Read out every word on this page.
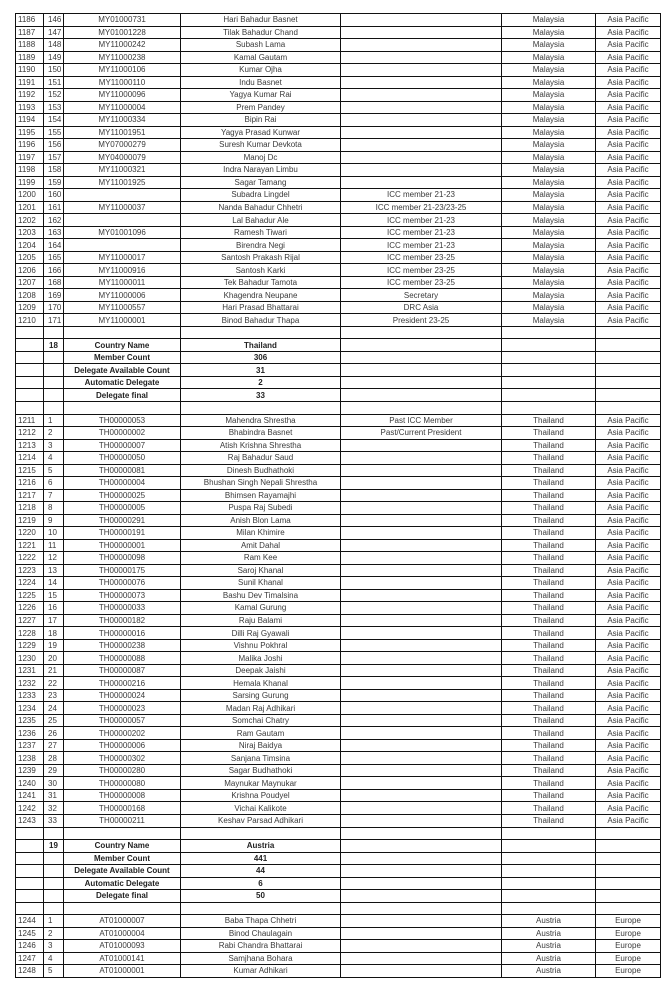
1186	146	MY01000731	Hari Bahadur Basnet		Malaysia	Asia Pacific
1187	147	MY01001228	Tilak Bahadur Chand		Malaysia	Asia Pacific
1188	148	MY11000242	Subash Lama		Malaysia	Asia Pacific
1189	149	MY11000238	Kamal Gautam		Malaysia	Asia Pacific
1190	150	MY11000106	Kumar Ojha		Malaysia	Asia Pacific
1191	151	MY11000110	Indu Basnet		Malaysia	Asia Pacific
1192	152	MY11000096	Yagya Kumar Rai		Malaysia	Asia Pacific
1193	153	MY11000004	Prem Pandey		Malaysia	Asia Pacific
1194	154	MY11000334	Bipin Rai		Malaysia	Asia Pacific
1195	155	MY11001951	Yagya Prasad Kunwar		Malaysia	Asia Pacific
1196	156	MY07000279	Suresh Kumar Devkota		Malaysia	Asia Pacific
1197	157	MY04000079	Manoj Dc		Malaysia	Asia Pacific
1198	158	MY11000321	Indra Narayan Limbu		Malaysia	Asia Pacific
1199	159	MY11001925	Sagar Tamang		Malaysia	Asia Pacific
1200	160		Subadra Lingdel	ICC member 21-23	Malaysia	Asia Pacific
1201	161	MY11000037	Nanda Bahadur Chhetri	ICC member 21-23/23-25	Malaysia	Asia Pacific
1202	162		Lal Bahadur Ale	ICC member 21-23	Malaysia	Asia Pacific
1203	163	MY01001096	Ramesh Tiwari	ICC member 21-23	Malaysia	Asia Pacific
1204	164		Birendra Negi	ICC member 21-23	Malaysia	Asia Pacific
1205	165	MY11000017	Santosh Prakash Rijal	ICC member 23-25	Malaysia	Asia Pacific
1206	166	MY11000916	Santosh Karki	ICC member 23-25	Malaysia	Asia Pacific
1207	168	MY11000011	Tek Bahadur Tamota	ICC member 23-25	Malaysia	Asia Pacific
1208	169	MY11000006	Khagendra Neupane	Secretary	Malaysia	Asia Pacific
1209	170	MY11000557	Hari Prasad Bhattarai	DRC Asia	Malaysia	Asia Pacific
1210	171	MY11000001	Binod Bahadur Thapa	President 23-25	Malaysia	Asia Pacific

	18	Country Name	Thailand			
		Member Count	306			
		Delegate Available Count	31			
		Automatic Delegate	2			
		Delegate final	33			

1211	1	TH00000053	Mahendra Shrestha	Past ICC Member	Thailand	Asia Pacific
1212	2	TH00000002	Bhabindra Basnet	Past/Current President	Thailand	Asia Pacific
1213	3	TH00000007	Atish Krishna Shrestha		Thailand	Asia Pacific
1214	4	TH00000050	Raj Bahadur Saud		Thailand	Asia Pacific
1215	5	TH00000081	Dinesh Budhathoki		Thailand	Asia Pacific
1216	6	TH00000004	Bhushan Singh Nepali Shrestha		Thailand	Asia Pacific
1217	7	TH00000025	Bhimsen Rayamajhi		Thailand	Asia Pacific
1218	8	TH00000005	Puspa Raj Subedi		Thailand	Asia Pacific
1219	9	TH00000291	Anish Blon Lama		Thailand	Asia Pacific
1220	10	TH00000191	Milan Khimire		Thailand	Asia Pacific
1221	11	TH00000001	Amit Dahal		Thailand	Asia Pacific
1222	12	TH00000098	Ram Kee		Thailand	Asia Pacific
1223	13	TH00000175	Saroj Khanal		Thailand	Asia Pacific
1224	14	TH00000076	Sunil Khanal		Thailand	Asia Pacific
1225	15	TH00000073	Bashu Dev Timalsina		Thailand	Asia Pacific
1226	16	TH00000033	Kamal Gurung		Thailand	Asia Pacific
1227	17	TH00000182	Raju Balami		Thailand	Asia Pacific
1228	18	TH00000016	Dilli Raj Gyawali		Thailand	Asia Pacific
1229	19	TH00000238	Vishnu Pokhral		Thailand	Asia Pacific
1230	20	TH00000088	Malika Joshi		Thailand	Asia Pacific
1231	21	TH00000087	Deepak Jaishi		Thailand	Asia Pacific
1232	22	TH00000216	Hemala Khanal		Thailand	Asia Pacific
1233	23	TH00000024	Sarsing Gurung		Thailand	Asia Pacific
1234	24	TH00000023	Madan Raj Adhikari		Thailand	Asia Pacific
1235	25	TH00000057	Somchai Chatry		Thailand	Asia Pacific
1236	26	TH00000202	Ram Gautam		Thailand	Asia Pacific
1237	27	TH00000006	Niraj Baidya		Thailand	Asia Pacific
1238	28	TH00000302	Sanjana Timsina		Thailand	Asia Pacific
1239	29	TH00000280	Sagar Budhathoki		Thailand	Asia Pacific
1240	30	TH00000080	Maynukar Maynukar		Thailand	Asia Pacific
1241	31	TH00000008	Krishna Poudyel		Thailand	Asia Pacific
1242	32	TH00000168	Vichai Kalikote		Thailand	Asia Pacific
1243	33	TH00000211	Keshav Parsad Adhikari		Thailand	Asia Pacific

	19	Country Name	Austria			
		Member Count	441			
		Delegate Available Count	44			
		Automatic Delegate	6			
		Delegate final	50			

1244	1	AT01000007	Baba Thapa Chhetri		Austria	Europe
1245	2	AT01000004	Binod Chaulagain		Austria	Europe
1246	3	AT01000093	Rabi Chandra Bhattarai		Austria	Europe
1247	4	AT01000141	Samjhana Bohara		Austria	Europe
1248	5	AT01000001	Kumar Adhikari		Austria	Europe
